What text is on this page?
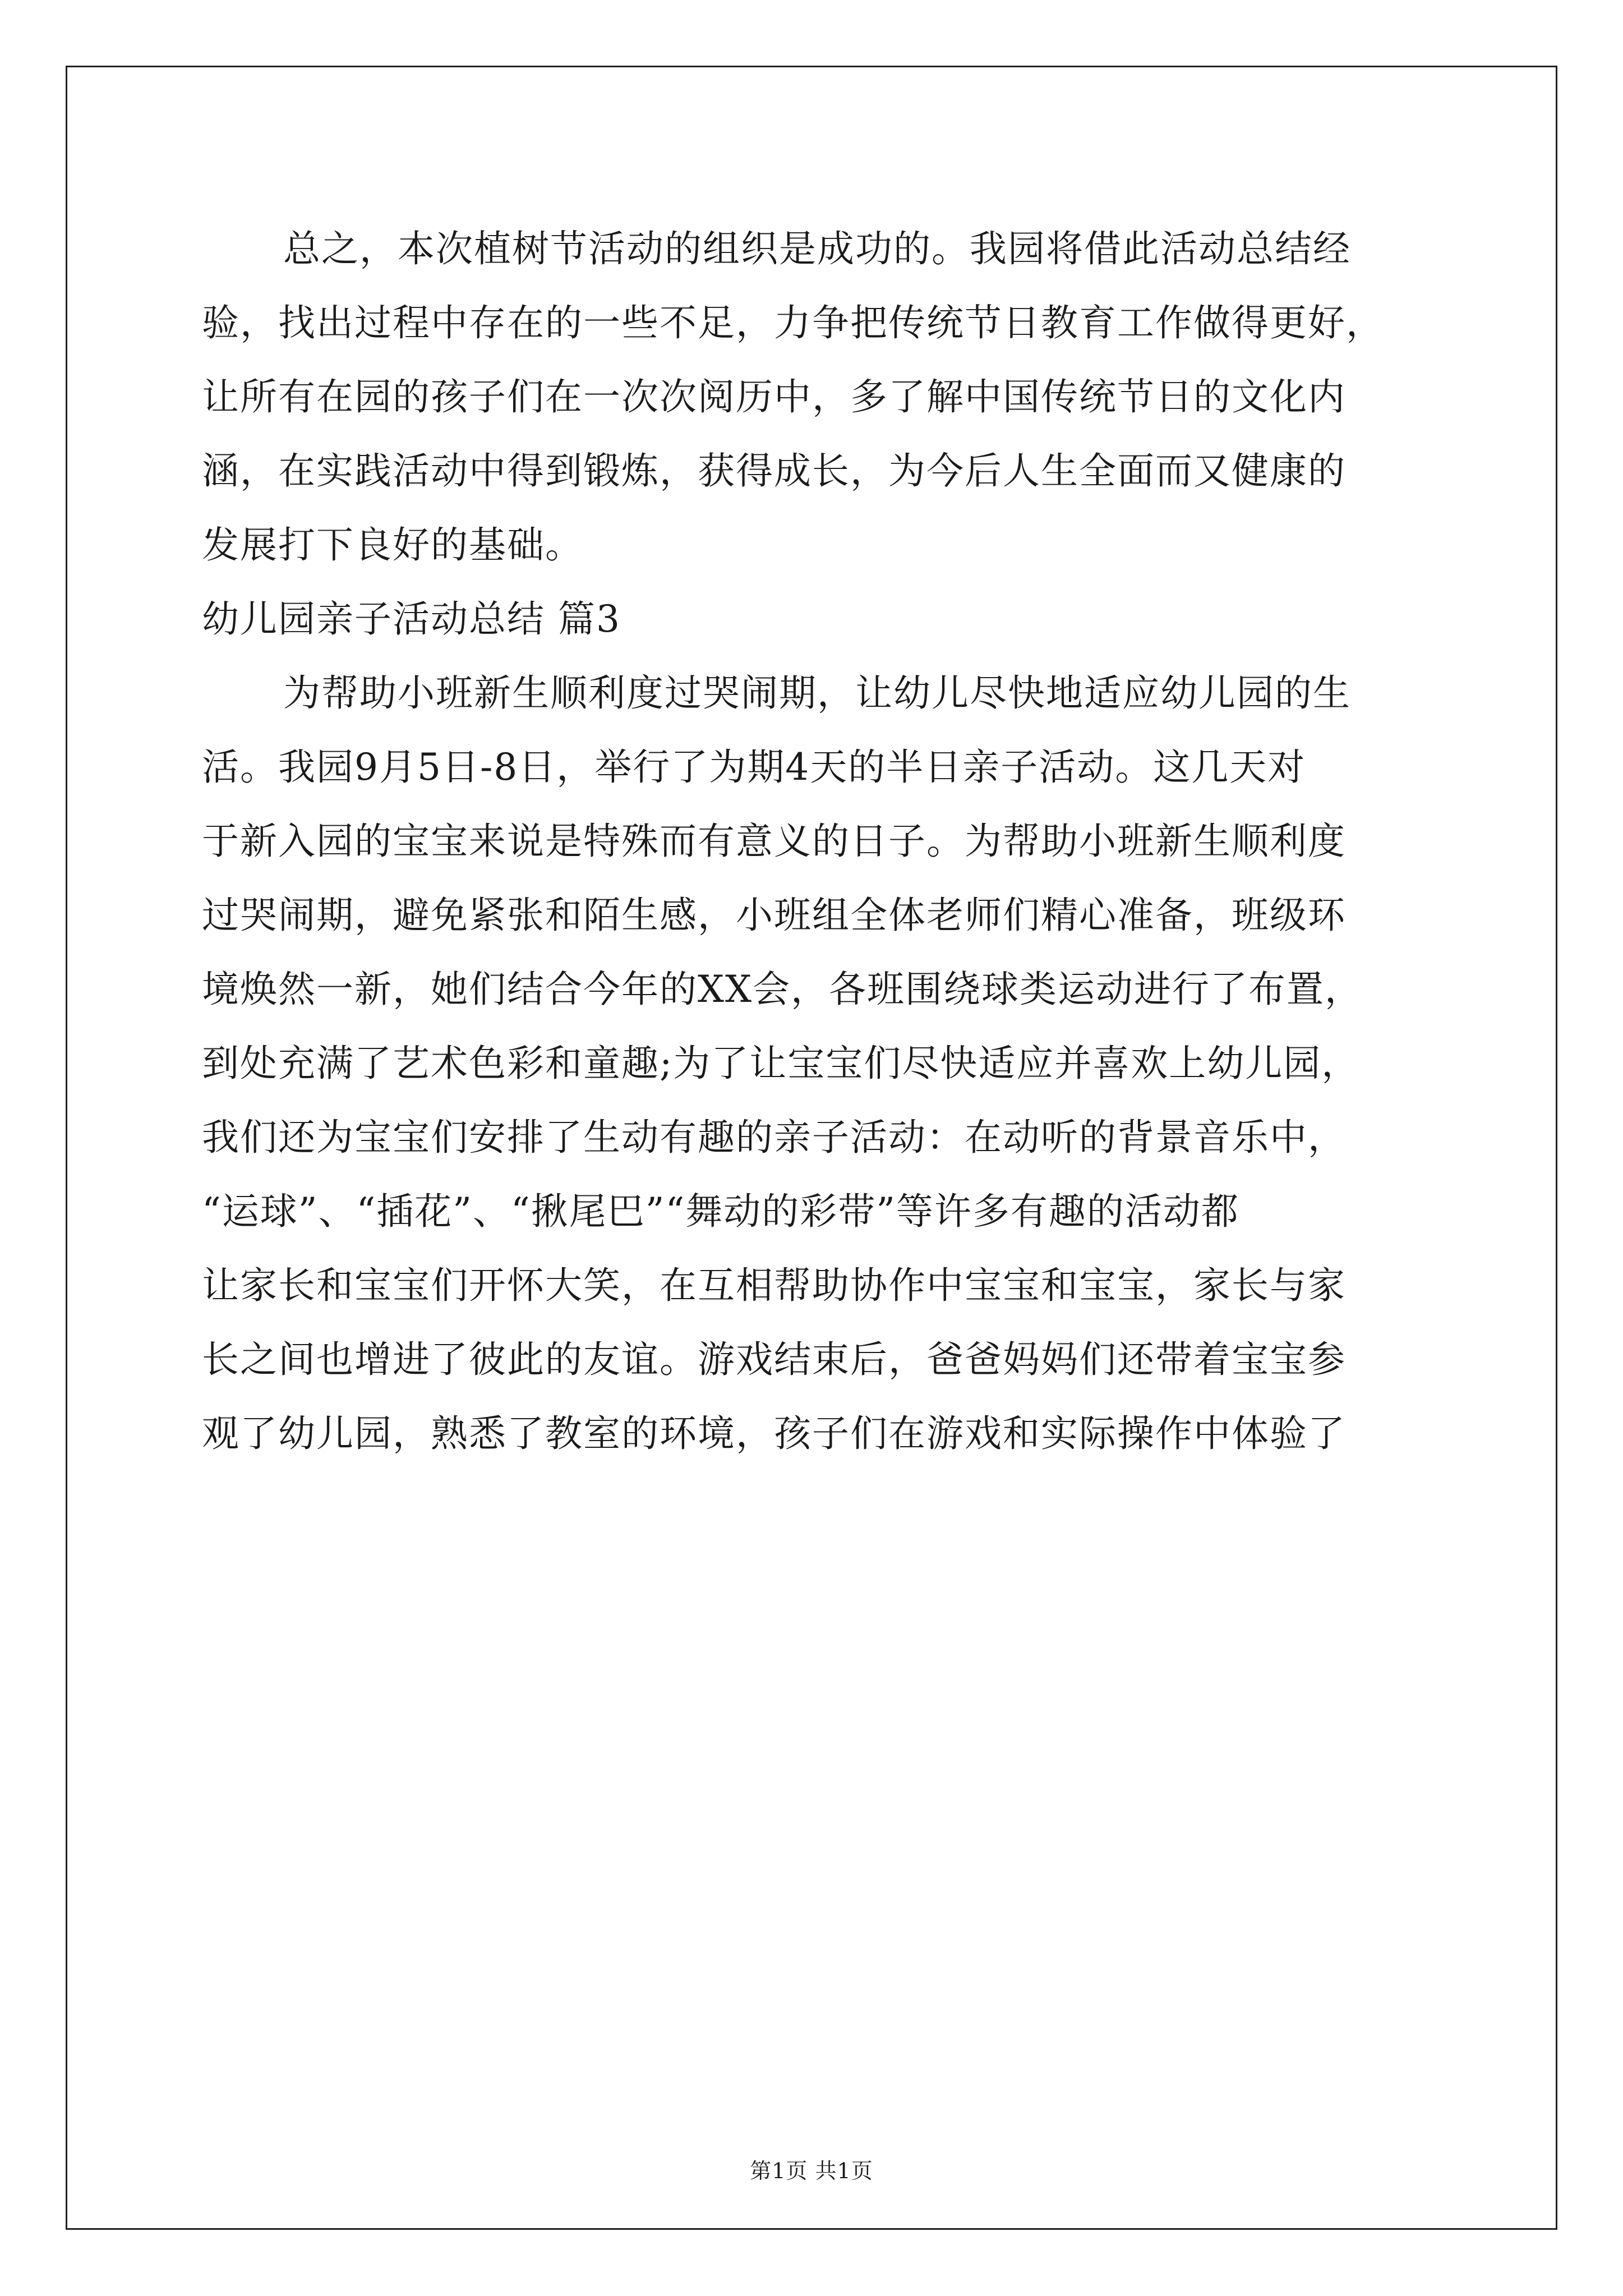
总之，本次植树节活动的组织是成功的。我园将借此活动总结经
验，找出过程中存在的一些不足，力争把传统节日教育工作做得更好，
让所有在园的孩子们在一次次阅历中，多了解中国传统节日的文化内
涵，在实践活动中得到锻炼，获得成长，为今后人生全面而又健康的
发展打下良好的基础。
幼儿园亲子活动总结 篇3
为帮助小班新生顺利度过哭闹期，让幼儿尽快地适应幼儿园的生
活。我园9月5日-8日，举行了为期4天的半日亲子活动。这几天对
于新入园的宝宝来说是特殊而有意义的日子。为帮助小班新生顺利度
过哭闹期，避免紧张和陌生感，小班组全体老师们精心准备，班级环
境焕然一新，她们结合今年的XX会，各班围绕球类运动进行了布置，
到处充满了艺术色彩和童趣;为了让宝宝们尽快适应并喜欢上幼儿园，
我们还为宝宝们安排了生动有趣的亲子活动：在动听的背景音乐中，
“运球”、“插花”、“揪尾巴”“舞动的彩带”等许多有趣的活动都
让家长和宝宝们开怀大笑，在互相帮助协作中宝宝和宝宝，家长与家
长之间也增进了彼此的友谊。游戏结束后，爸爸妈妈们还带着宝宝参
观了幼儿园，熟悉了教室的环境，孩子们在游戏和实际操作中体验了
第1页 共1页
